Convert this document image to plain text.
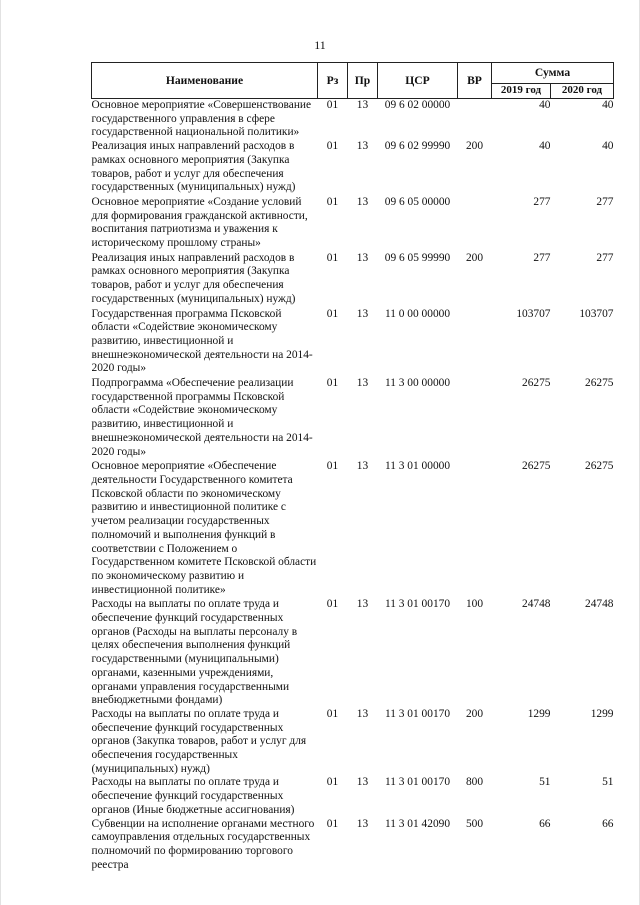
11
Наименование	Рз	Пр	ЦСР	ВР	Сумма	
					2019 год	2020 год
Основное мероприятие «Совершенствование государственного управления в сфере государственной национальной политики»	01	13	09 6 02 00000		40	40
Реализация иных направлений расходов в рамках основного мероприятия (Закупка товаров, работ и услуг для обеспечения государственных (муниципальных) нужд)	01	13	09 6 02 99990	200	40	40
Основное мероприятие «Создание условий для формирования гражданской активности, воспитания патриотизма и уважения к историческому прошлому страны»	01	13	09 6 05 00000		277	277
Реализация иных направлений расходов в рамках основного мероприятия (Закупка товаров, работ и услуг для обеспечения государственных (муниципальных) нужд)	01	13	09 6 05 99990	200	277	277
Государственная программа Псковской области «Содействие экономическому развитию, инвестиционной и внешнеэкономической деятельности на 2014-2020 годы»	01	13	11 0 00 00000		103707	103707
Подпрограмма «Обеспечение реализации государственной программы Псковской области «Содействие экономическому развитию, инвестиционной и внешнеэкономической деятельности на 2014-2020 годы»	01	13	11 3 00 00000		26275	26275
Основное мероприятие «Обеспечение деятельности Государственного комитета Псковской области по экономическому развитию и инвестиционной политике с учетом реализации государственных полномочий и выполнения функций в соответствии с Положением о Государственном комитете Псковской области по экономическому развитию и инвестиционной политике»	01	13	11 3 01 00000		26275	26275
Расходы на выплаты по оплате труда и обеспечение функций государственных органов (Расходы на выплаты персоналу в целях обеспечения выполнения функций государственными (муниципальными) органами, казенными учреждениями, органами управления государственными внебюджетными фондами)	01	13	11 3 01 00170	100	24748	24748
Расходы на выплаты по оплате труда и обеспечение функций государственных органов (Закупка товаров, работ и услуг для обеспечения государственных (муниципальных) нужд)	01	13	11 3 01 00170	200	1299	1299
Расходы на выплаты по оплате труда и обеспечение функций государственных органов (Иные бюджетные ассигнования)	01	13	11 3 01 00170	800	51	51
Субвенции на исполнение органами местного самоуправления отдельных государственных полномочий по формированию торгового реестра	01	13	11 3 01 42090	500	66	66
